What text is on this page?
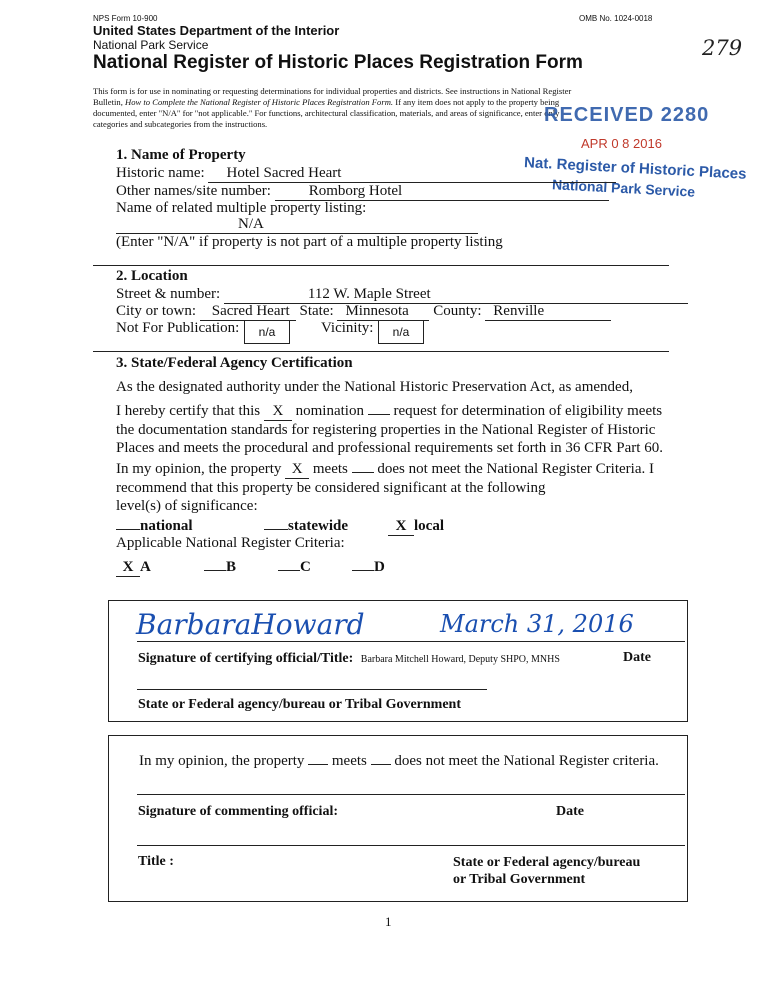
NPS Form 10-900	OMB No. 1024-0018
United States Department of the Interior
National Park Service
National Register of Historic Places Registration Form
279
This form is for use in nominating or requesting determinations for individual properties and districts. See instructions in National Register
Bulletin, How to Complete the National Register of Historic Places Registration Form. If any item does not apply to the property being
documented, enter "N/A" for "not applicable." For functions, architectural classification, materials, and areas of significance, enter only
categories and subcategories from the instructions.	RECEIVED 2280
APR 0 8 2016
Nat. Register of Historic Places
National Park Service
1. Name of Property
Historic name: Hotel Sacred Heart
Other names/site number:	Romborg Hotel
Name of related multiple property listing:
N/A
(Enter "N/A" if property is not part of a multiple property listing
2. Location
Street & number:	112 W. Maple Street
City or town: Sacred Heart State: Minnesota County: Renville
Not For Publication:	n/a	Vicinity:	n/a
3. State/Federal Agency Certification
As the designated authority under the National Historic Preservation Act, as amended,
I hereby certify that this X nomination  request for determination of eligibility meets
the documentation standards for registering properties in the National Register of Historic
Places and meets the procedural and professional requirements set forth in 36 CFR Part 60.
In my opinion, the property X meets  does not meet the National Register Criteria. I
recommend that this property be considered significant at the following
level(s) of significance:
national	statewide	X local
Applicable National Register Criteria:
X A	B	C	D
BarbaraHoward	March 31, 2016
Signature of certifying official/Title: Barbara Mitchell Howard, Deputy SHPO, MNHS	Date
State or Federal agency/bureau or Tribal Government
In my opinion, the property  meets  does not meet the National Register criteria.
Signature of commenting official:	Date
Title :	State or Federal agency/bureau
or Tribal Government
1
